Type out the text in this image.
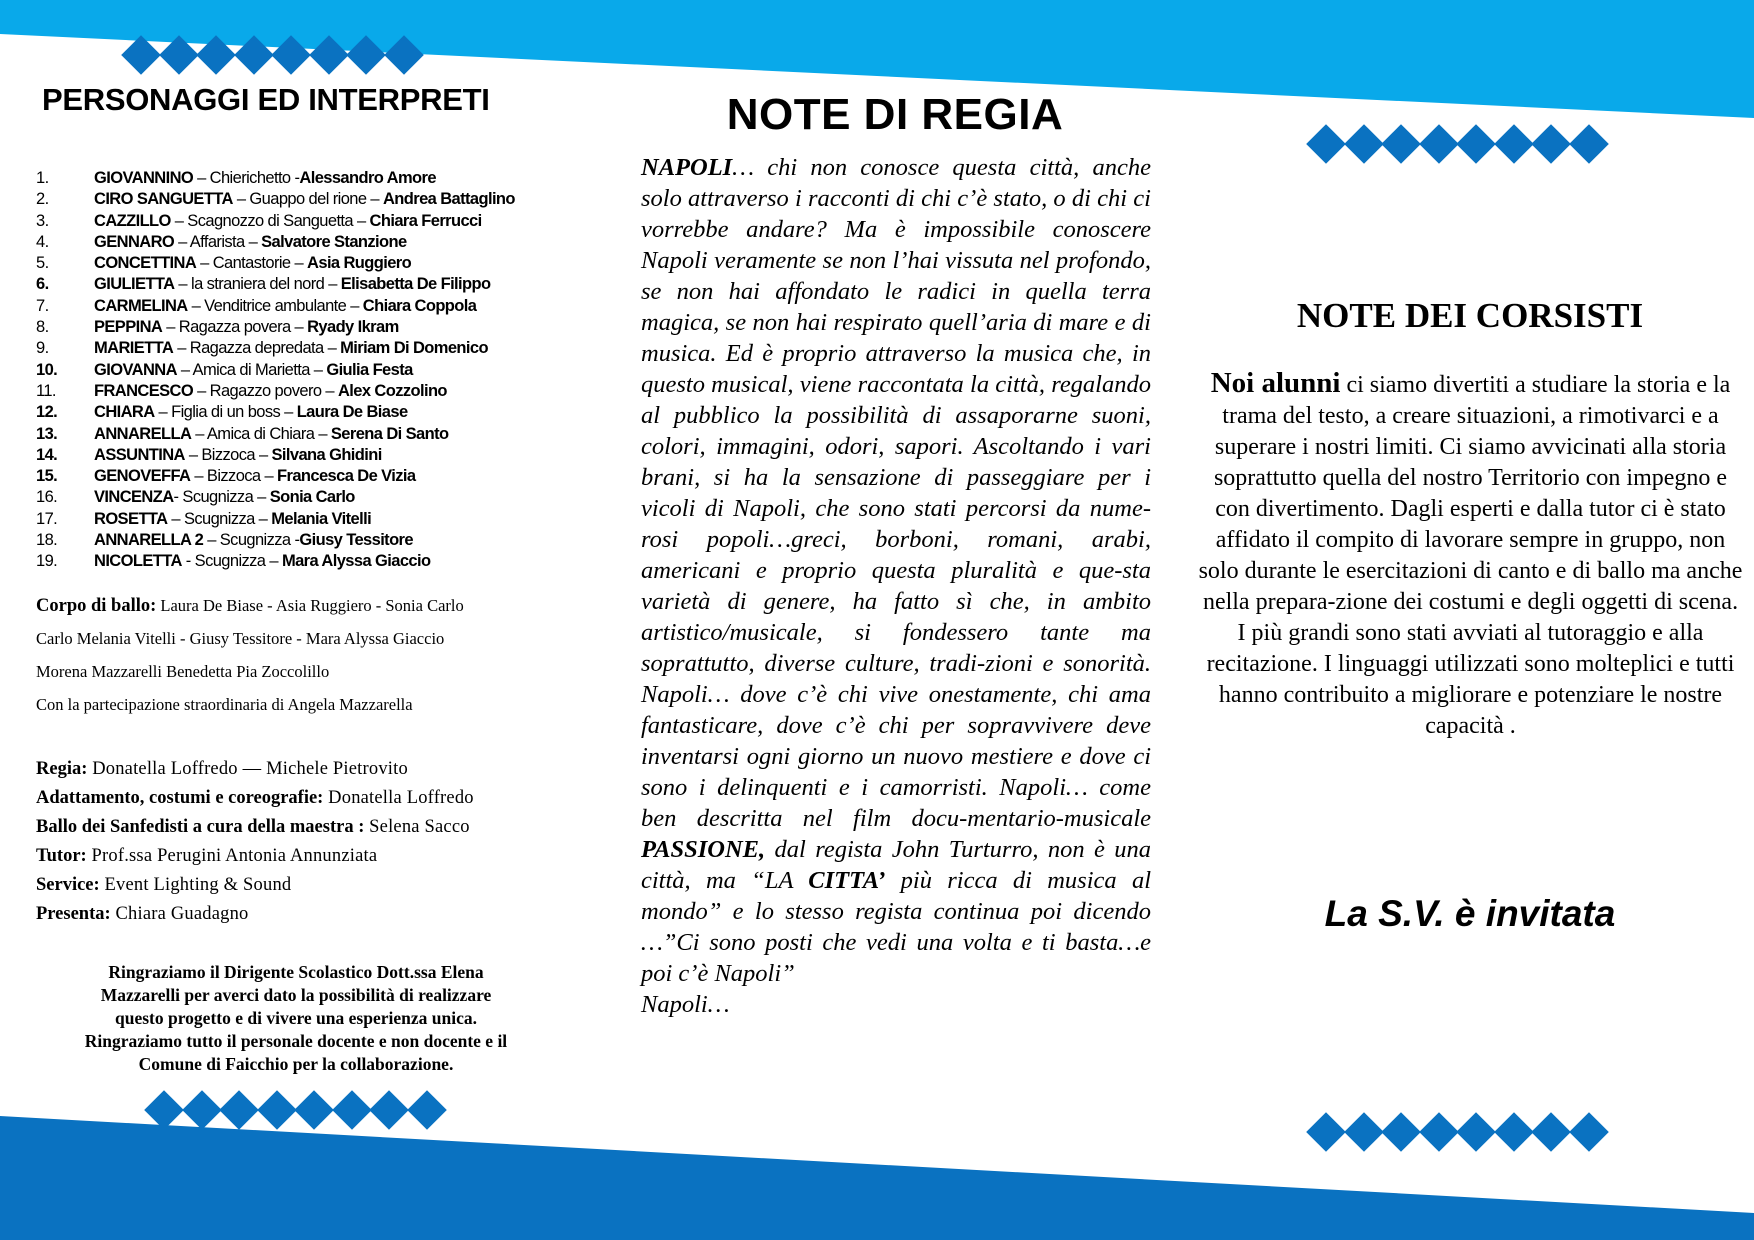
PERSONAGGI ED INTERPRETI
1.	GIOVANNINO – Chierichetto -Alessandro Amore
2.	CIRO SANGUETTA – Guappo del rione – Andrea Battaglino
3.	CAZZILLO – Scagnozzo di Sanguetta – Chiara Ferrucci
4.	GENNARO – Affarista – Salvatore Stanzione
5.	CONCETTINA – Cantastorie – Asia Ruggiero
6.	GIULIETTA – la straniera del nord – Elisabetta De Filippo
7.	CARMELINA – Venditrice ambulante – Chiara Coppola
8.	PEPPINA – Ragazza povera – Ryady Ikram
9.	MARIETTA – Ragazza depredata – Miriam Di Domenico
10. GIOVANNA – Amica di Marietta – Giulia Festa
11. FRANCESCO – Ragazzo povero – Alex Cozzolino
12. CHIARA – Figlia di un boss – Laura De Biase
13. ANNARELLA – Amica di Chiara – Serena Di Santo
14. ASSUNTINA – Bizzoca – Silvana Ghidini
15. GENOVEFFA – Bizzoca – Francesca De Vizia
16. VINCENZA- Scugnizza – Sonia Carlo
17. ROSETTA – Scugnizza – Melania Vitelli
18. ANNARELLA 2 – Scugnizza -Giusy Tessitore
19. NICOLETTA - Scugnizza – Mara Alyssa Giaccio
Corpo di ballo: Laura De Biase - Asia Ruggiero - Sonia Carlo
Carlo Melania Vitelli - Giusy Tessitore - Mara Alyssa Giaccio
Morena Mazzarelli Benedetta Pia Zoccolillo
Con la partecipazione straordinaria di Angela Mazzarella
Regia: Donatella Loffredo — Michele Pietrovito
Adattamento, costumi e coreografie: Donatella Loffredo
Ballo dei Sanfedisti a cura della maestra : Selena Sacco
Tutor: Prof.ssa Perugini Antonia Annunziata
Service: Event Lighting & Sound
Presenta: Chiara Guadagno
Ringraziamo il Dirigente Scolastico Dott.ssa Elena
Mazzarelli per averci dato la possibilità di realizzare
questo progetto e di vivere una esperienza unica.
Ringraziamo tutto il personale docente e non docente e il
Comune di Faicchio per la collaborazione.
NOTE DI REGIA
NAPOLI… chi non conosce questa città, anche solo attraverso i racconti di chi c’è stato, o di chi ci vorrebbe andare? Ma è impossibile conoscere Napoli veramente se non l’hai vissuta nel profondo, se non hai affondato le radici in quella terra magica, se non hai respirato quell’aria di mare e di musica. Ed è proprio attraverso la musica che, in questo musical, viene raccontata la città, regalando al pubblico la possibilità di assaporarne suoni, colori, immagini, odori, sapori. Ascoltando i vari brani, si ha la sensazione di passeggiare per i vicoli di Napoli, che sono stati percorsi da nume-rosi popoli…greci, borboni, romani, arabi, americani e proprio questa pluralità e que-sta varietà di genere, ha fatto sì che, in ambito artistico/musicale, si fondessero tante ma soprattutto, diverse culture, tradi-zioni e sonorità. Napoli… dove c’è chi vive onestamente, chi ama fantasticare, dove c’è chi per sopravvivere deve inventarsi ogni giorno un nuovo mestiere e dove ci sono i delinquenti e i camorristi. Napoli… come ben descritta nel film docu-mentario-musicale PASSIONE, dal regista John Turturro, non è una città, ma “LA CITTA’ più ricca di musica al mondo” e lo stesso regista continua poi dicendo …”Ci sono posti che vedi una volta e ti basta…e poi c’è Napoli”
Napoli…
NOTE DEI CORSISTI
Noi alunni ci siamo divertiti a studiare la storia e la trama del testo, a creare situazioni, a rimotivarci e a superare i nostri limiti. Ci siamo avvicinati alla storia soprattutto quella del nostro Territorio con impegno e con divertimento. Dagli esperti e dalla tutor ci è stato affidato il compito di lavorare sempre in gruppo, non solo durante le esercitazioni di canto e di ballo ma anche nella prepara-zione dei costumi e degli oggetti di scena. I più grandi sono stati avviati al tutoraggio e alla recitazione. I linguaggi utilizzati sono molteplici e tutti hanno contribuito a migliorare e potenziare le nostre capacità .
La S.V. è invitata
